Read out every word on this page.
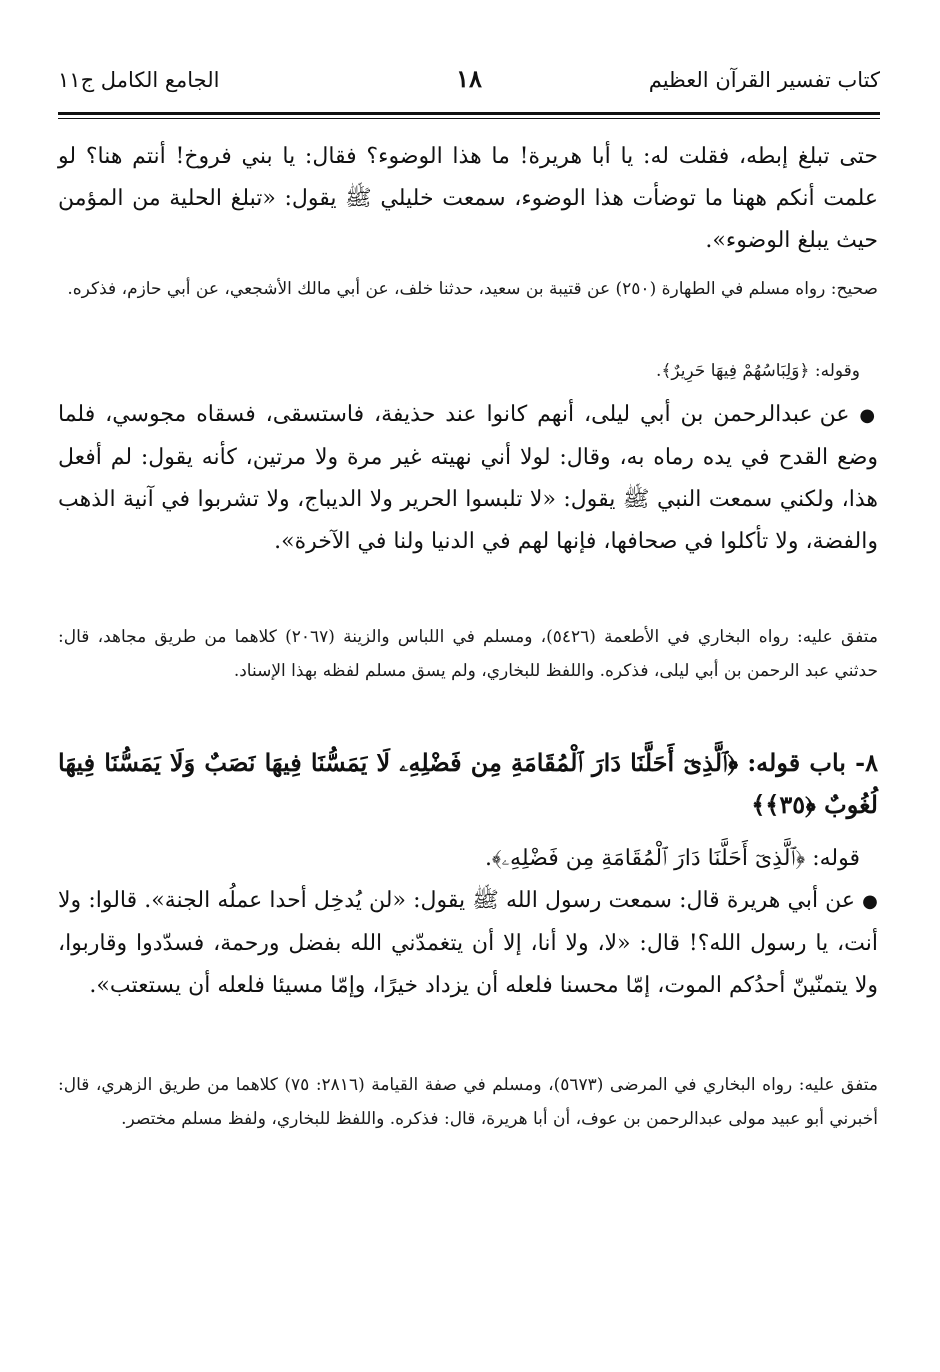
كتاب تفسير القرآن العظيم
١٨
الجامع الكامل ج١١
حتى تبلغ إبطه، فقلت له: يا أبا هريرة! ما هذا الوضوء؟ فقال: يا بني فروخ! أنتم هنا؟ لو علمت أنكم ههنا ما توضأت هذا الوضوء، سمعت خليلي ﷺ يقول: «تبلغ الحلية من المؤمن حيث يبلغ الوضوء».
صحيح: رواه مسلم في الطهارة (٢٥٠) عن قتيبة بن سعيد، حدثنا خلف، عن أبي مالك الأشجعي، عن أبي حازم، فذكره.
وقوله: ﴿وَلِبَاسُهُمْ فِيهَا حَرِيرٌ﴾.
● عن عبدالرحمن بن أبي ليلى، أنهم كانوا عند حذيفة، فاستسقى، فسقاه مجوسي، فلما وضع القدح في يده رماه به، وقال: لولا أني نهيته غير مرة ولا مرتين، كأنه يقول: لم أفعل هذا، ولكني سمعت النبي ﷺ يقول: «لا تلبسوا الحرير ولا الديباج، ولا تشربوا في آنية الذهب والفضة، ولا تأكلوا في صحافها، فإنها لهم في الدنيا ولنا في الآخرة».
متفق عليه: رواه البخاري في الأطعمة (٥٤٢٦)، ومسلم في اللباس والزينة (٢٠٦٧) كلاهما من طريق مجاهد، قال: حدثني عبد الرحمن بن أبي ليلى، فذكره. واللفظ للبخاري، ولم يسق مسلم لفظه بهذا الإسناد.
٨- باب قوله: ﴿ٱلَّذِىٓ أَحَلَّنَا دَارَ ٱلْمُقَامَةِ مِن فَضْلِهِۦ لَا يَمَسُّنَا فِيهَا نَصَبٌ وَلَا يَمَسُّنَا فِيهَا لُغُوبٌ ﴿٣٥﴾﴾
قوله: ﴿ٱلَّذِىٓ أَحَلَّنَا دَارَ ٱلْمُقَامَةِ مِن فَضْلِهِۦ﴾.
● عن أبي هريرة قال: سمعت رسول الله ﷺ يقول: «لن يُدخِل أحدا عملُه الجنة». قالوا: ولا أنت، يا رسول الله؟! قال: «لا، ولا أنا، إلا أن يتغمدّني الله بفضل ورحمة، فسدّدوا وقاربوا، ولا يتمنّينّ أحدُكم الموت، إمّا محسنا فلعله أن يزداد خيرًا، وإمّا مسيئا فلعله أن يستعتب».
متفق عليه: رواه البخاري في المرضى (٥٦٧٣)، ومسلم في صفة القيامة (٢٨١٦: ٧٥) كلاهما من طريق الزهري، قال: أخبرني أبو عبيد مولى عبدالرحمن بن عوف، أن أبا هريرة، قال: فذكره. واللفظ للبخاري، ولفظ مسلم مختصر.
